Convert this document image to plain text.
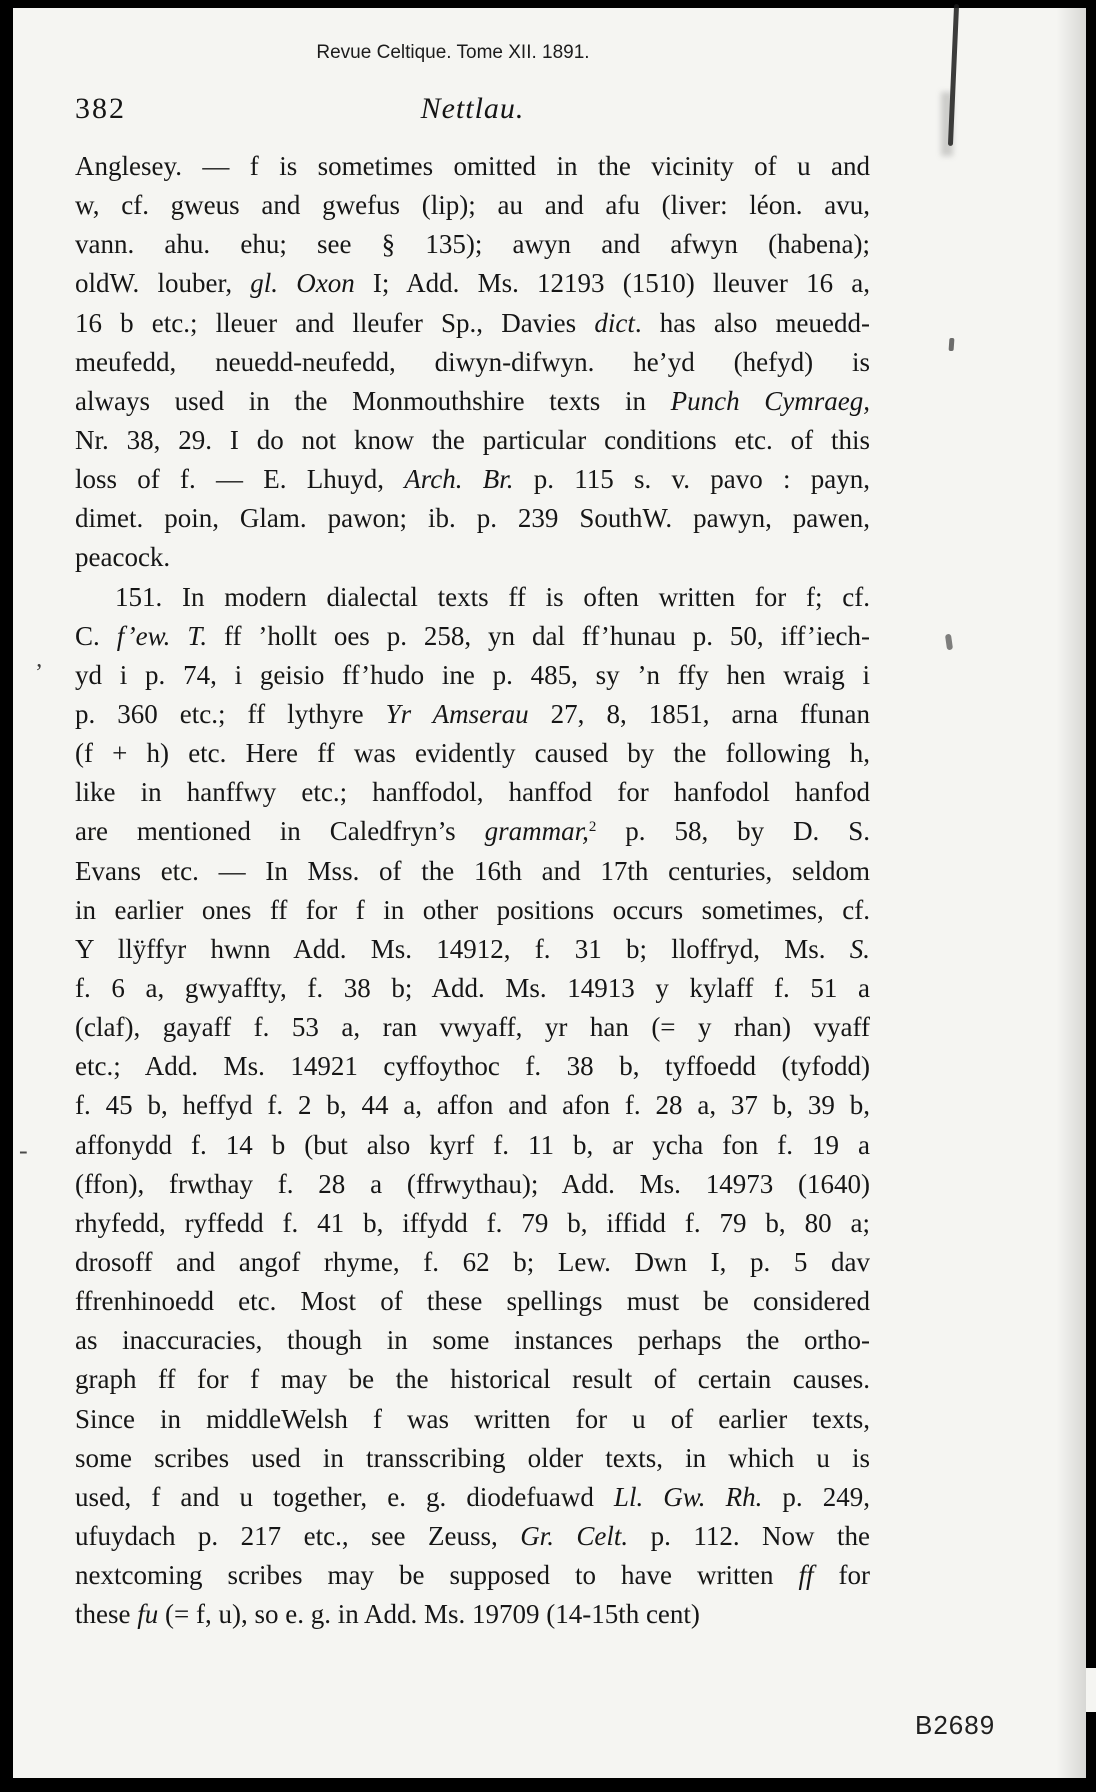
Revue Celtique. Tome XII. 1891.
382	Nettlau.
Anglesey. — f is sometimes omitted in the vicinity of u and
w, cf. gweus and gwefus (lip); au and afu (liver: léon. avu,
vann. ahu. ehu; see § 135); awyn and afwyn (habena);
oldW. louber, gl. Oxon I; Add. Ms. 12193 (1510) lleuver 16 a,
16 b etc.; lleuer and lleufer Sp., Davies dict. has also meuedd-
meufedd, neuedd-neufedd, diwyn-difwyn. he’yd (hefyd) is
always used in the Monmouthshire texts in Punch Cymraeg,
Nr. 38, 29. I do not know the particular conditions etc. of this
loss of f. — E. Lhuyd, Arch. Br. p. 115 s. v. pavo : payn,
dimet. poin, Glam. pawon; ib. p. 239 SouthW. pawyn, pawen,
peacock.
151. In modern dialectal texts ff is often written for f; cf.
C. f’ew. T. ff ’hollt oes p. 258, yn dal ff’hunau p. 50, iff’iech-
yd i p. 74, i geisio ff’hudo ine p. 485, sy ’n ffy hen wraig i
p. 360 etc.; ff lythyre Yr Amserau 27, 8, 1851, arna ffunan
(f + h) etc. Here ff was evidently caused by the following h,
like in hanffwy etc.; hanffodol, hanffod for hanfodol hanfod
are mentioned in Caledfryn’s grammar,$^2$ p. 58, by D. S.
Evans etc. — In Mss. of the 16th and 17th centuries, seldom
in earlier ones ff for f in other positions occurs sometimes, cf.
Y llÿffyr hwnn Add. Ms. 14912, f. 31 b; lloffryd, Ms. S.
f. 6 a, gwyaffty, f. 38 b; Add. Ms. 14913 y kylaff f. 51 a
(claf), gayaff f. 53 a, ran vwyaff, yr han (= y rhan) vyaff
etc.; Add. Ms. 14921 cyffoythoc f. 38 b, tyffoedd (tyfodd)
f. 45 b, heffyd f. 2 b, 44 a, affon and afon f. 28 a, 37 b, 39 b,
affonydd f. 14 b (but also kyrf f. 11 b, ar ycha fon f. 19 a
(ffon), frwthay f. 28 a (ffrwythau); Add. Ms. 14973 (1640)
rhyfedd, ryffedd f. 41 b, iffydd f. 79 b, iffidd f. 79 b, 80 a;
drosoff and angof rhyme, f. 62 b; Lew. Dwn I, p. 5 dav
ffrenhinoedd etc. Most of these spellings must be considered
as inaccuracies, though in some instances perhaps the ortho-
graph ff for f may be the historical result of certain causes.
Since in middleWelsh f was written for u of earlier texts,
some scribes used in transscribing older texts, in which u is
used, f and u together, e. g. diodefuawd Ll. Gw. Rh. p. 249,
ufuydach p. 217 etc., see Zeuss, Gr. Celt. p. 112. Now the
nextcoming scribes may be supposed to have written ff for
these fu (= f, u), so e. g. in Add. Ms. 19709 (14-15th cent)
’
-
B2689
